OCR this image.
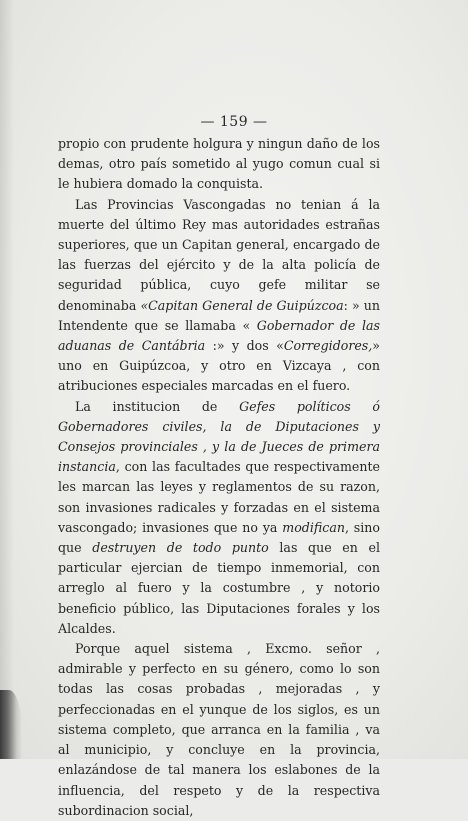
— 159 —

propio con prudente holgura y ningun daño de los demas, otro país sometido al yugo comun cual si le hubiera domado la conquista.

Las Provincias Vascongadas no tenian á la muerte del último Rey mas autoridades estrañas superiores, que un Capitan general, encargado de las fuerzas del ejército y de la alta policía de seguridad pública, cuyo gefe militar se denominaba «Capitan General de Guipúzcoa: » un Intendente que se llamaba « Gobernador de las aduanas de Cantábria :» y dos «Corregidores,» uno en Guipúzcoa, y otro en Vizcaya , con atribuciones especiales marcadas en el fuero.

La institucion de Gefes políticos ó Gobernadores civiles, la de Diputaciones y Consejos provinciales , y la de Jueces de primera instancia, con las facultades que respectivamente les marcan las leyes y reglamentos de su razon, son invasiones radicales y forzadas en el sistema vascongado; invasiones que no ya modifican, sino que destruyen de todo punto las que en el particular ejercian de tiempo inmemorial, con arreglo al fuero y la costumbre , y notorio beneficio público, las Diputaciones forales y los Alcaldes.

Porque aquel sistema , Excmo. señor , admirable y perfecto en su género, como lo son todas las cosas probadas , mejoradas , y perfeccionadas en el yunque de los siglos, es un sistema completo, que arranca en la familia , va al municipio, y concluye en la provincia, enlazándose de tal manera los eslabones de la influencia, del respeto y de la respectiva subordinacion social,
